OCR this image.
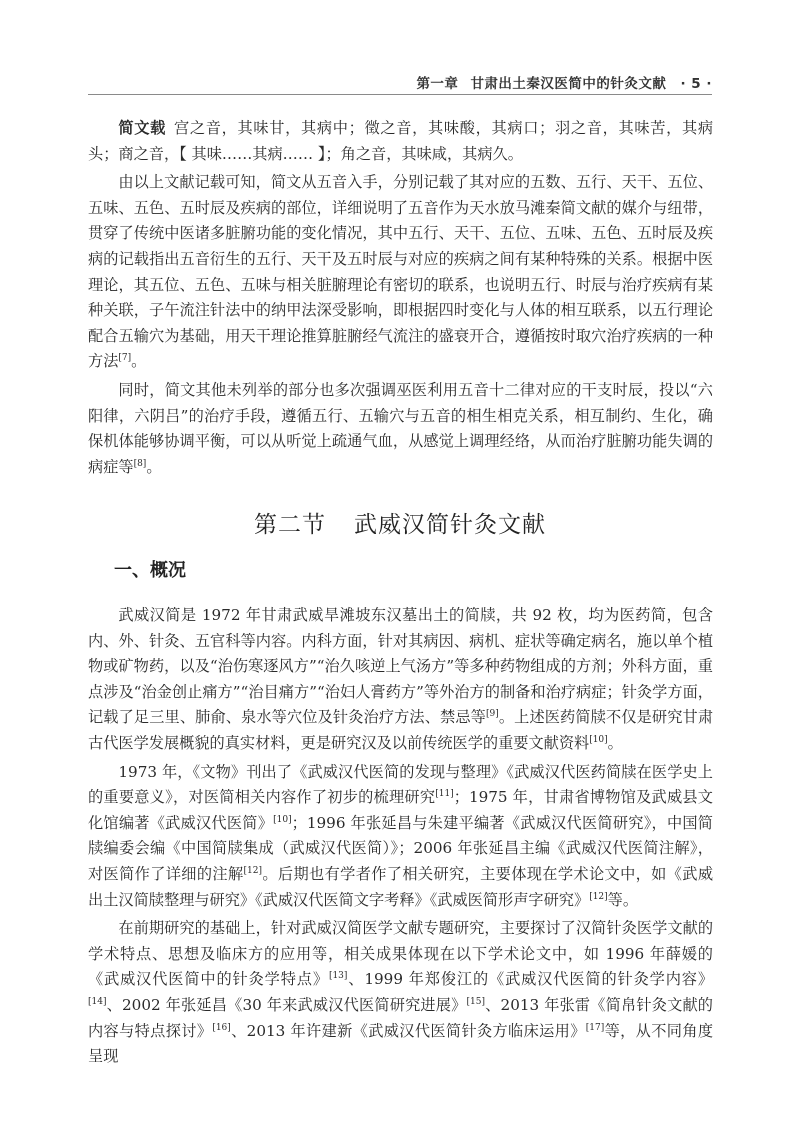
第一章 甘肃出土秦汉医简中的针灸文献 · 5 ·

简文载 宫之音，其味甘，其病中；徵之音，其味酸，其病口；羽之音，其味苦，其病头；商之音，【 其味……其病…… 】；角之音，其味咸，其病久。

由以上文献记载可知，简文从五音入手，分别记载了其对应的五数、五行、天干、五位、五味、五色、五时辰及疾病的部位，详细说明了五音作为天水放马滩秦简文献的媒介与纽带，贯穿了传统中医诸多脏腑功能的变化情况，其中五行、天干、五位、五味、五色、五时辰及疾病的记载指出五音衍生的五行、天干及五时辰与对应的疾病之间有某种特殊的关系。根据中医理论，其五位、五色、五味与相关脏腑理论有密切的联系，也说明五行、时辰与治疗疾病有某种关联，子午流注针法中的纳甲法深受影响，即根据四时变化与人体的相互联系，以五行理论配合五输穴为基础，用天干理论推算脏腑经气流注的盛衰开合，遵循按时取穴治疗疾病的一种方法[7]。

同时，简文其他未列举的部分也多次强调巫医利用五音十二律对应的干支时辰，投以“六阳律，六阴吕”的治疗手段，遵循五行、五输穴与五音的相生相克关系，相互制约、生化，确保机体能够协调平衡，可以从听觉上疏通气血，从感觉上调理经络，从而治疗脏腑功能失调的病症等[8]。

第二节 武威汉简针灸文献
一、概况

武威汉简是 1972 年甘肃武威旱滩坡东汉墓出土的简牍，共 92 枚，均为医药简，包含内、外、针灸、五官科等内容。内科方面，针对其病因、病机、症状等确定病名，施以单个植物或矿物药，以及“治伤寒逐风方”“治久咳逆上气汤方”等多种药物组成的方剂；外科方面，重点涉及“治金创止痛方”“治目痛方”“治妇人膏药方”等外治方的制备和治疗病症；针灸学方面，记载了足三里、肺俞、泉水等穴位及针灸治疗方法、禁忌等[9]。上述医药简牍不仅是研究甘肃古代医学发展概貌的真实材料，更是研究汉及以前传统医学的重要文献资料[10]。

1973 年，《文物》刊出了《武威汉代医简的发现与整理》《武威汉代医药简牍在医学史上的重要意义》，对医简相关内容作了初步的梳理研究[11]；1975 年，甘肃省博物馆及武威县文化馆编著《武威汉代医简》[10]；1996 年张延昌与朱建平编著《武威汉代医简研究》，中国简牍编委会编《中国简牍集成（武威汉代医简）》；2006 年张延昌主编《武威汉代医简注解》，对医简作了详细的注解[12]。后期也有学者作了相关研究，主要体现在学术论文中，如《武威出土汉简牍整理与研究》《武威汉代医简文字考释》《武威医简形声字研究》[12]等。

在前期研究的基础上，针对武威汉简医学文献专题研究，主要探讨了汉简针灸医学文献的学术特点、思想及临床方的应用等，相关成果体现在以下学术论文中，如 1996 年薛媛的《武威汉代医简中的针灸学特点》[13]、1999 年郑俊江的《武威汉代医简的针灸学内容》[14]、2002 年张延昌《30 年来武威汉代医简研究进展》[15]、2013 年张雷《简帛针灸文献的内容与特点探讨》[16]、2013 年许建新《武威汉代医简针灸方临床运用》[17]等，从不同角度呈现
